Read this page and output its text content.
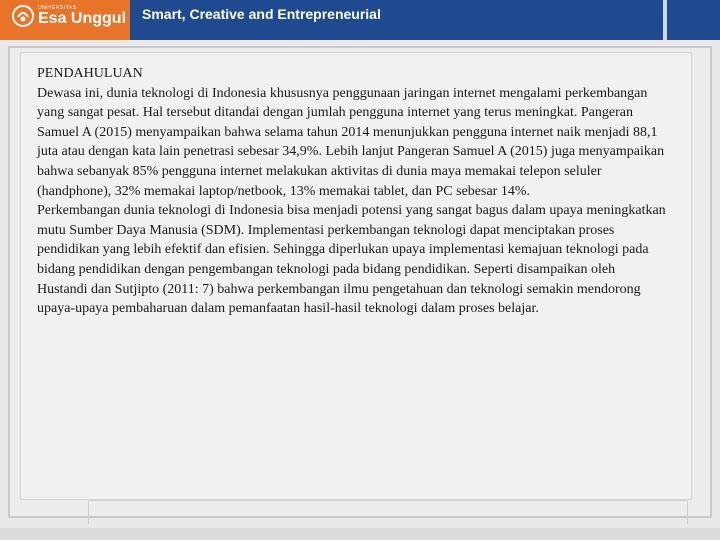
UNIVERSITAS
Esa Unggul Smart, Creative and Entrepreneurial

PENDAHULUAN

Dewasa ini, dunia teknologi di Indonesia khususnya penggunaan jaringan internet mengalami perkembangan yang sangat pesat. Hal tersebut ditandai dengan jumlah pengguna internet yang terus meningkat. Pangeran Samuel A (2015) menyampaikan bahwa selama tahun 2014 menunjukkan pengguna internet naik menjadi 88,1 juta atau dengan kata lain penetrasi sebesar 34,9%. Lebih lanjut Pangeran Samuel A (2015) juga menyampaikan bahwa sebanyak 85% pengguna internet melakukan aktivitas di dunia maya memakai telepon seluler (handphone), 32% memakai laptop/netbook, 13% memakai tablet, dan PC sebesar 14%.

Perkembangan dunia teknologi di Indonesia bisa menjadi potensi yang sangat bagus dalam upaya meningkatkan mutu Sumber Daya Manusia (SDM). Implementasi perkembangan teknologi dapat menciptakan proses pendidikan yang lebih efektif dan efisien. Sehingga diperlukan upaya implementasi kemajuan teknologi pada bidang pendidikan dengan pengembangan teknologi pada bidang pendidikan. Seperti disampaikan oleh Hustandi dan Sutjipto (2011: 7) bahwa perkembangan ilmu pengetahuan dan teknologi semakin mendorong upaya-upaya pembaharuan dalam pemanfaatan hasil-hasil teknologi dalam proses belajar.
